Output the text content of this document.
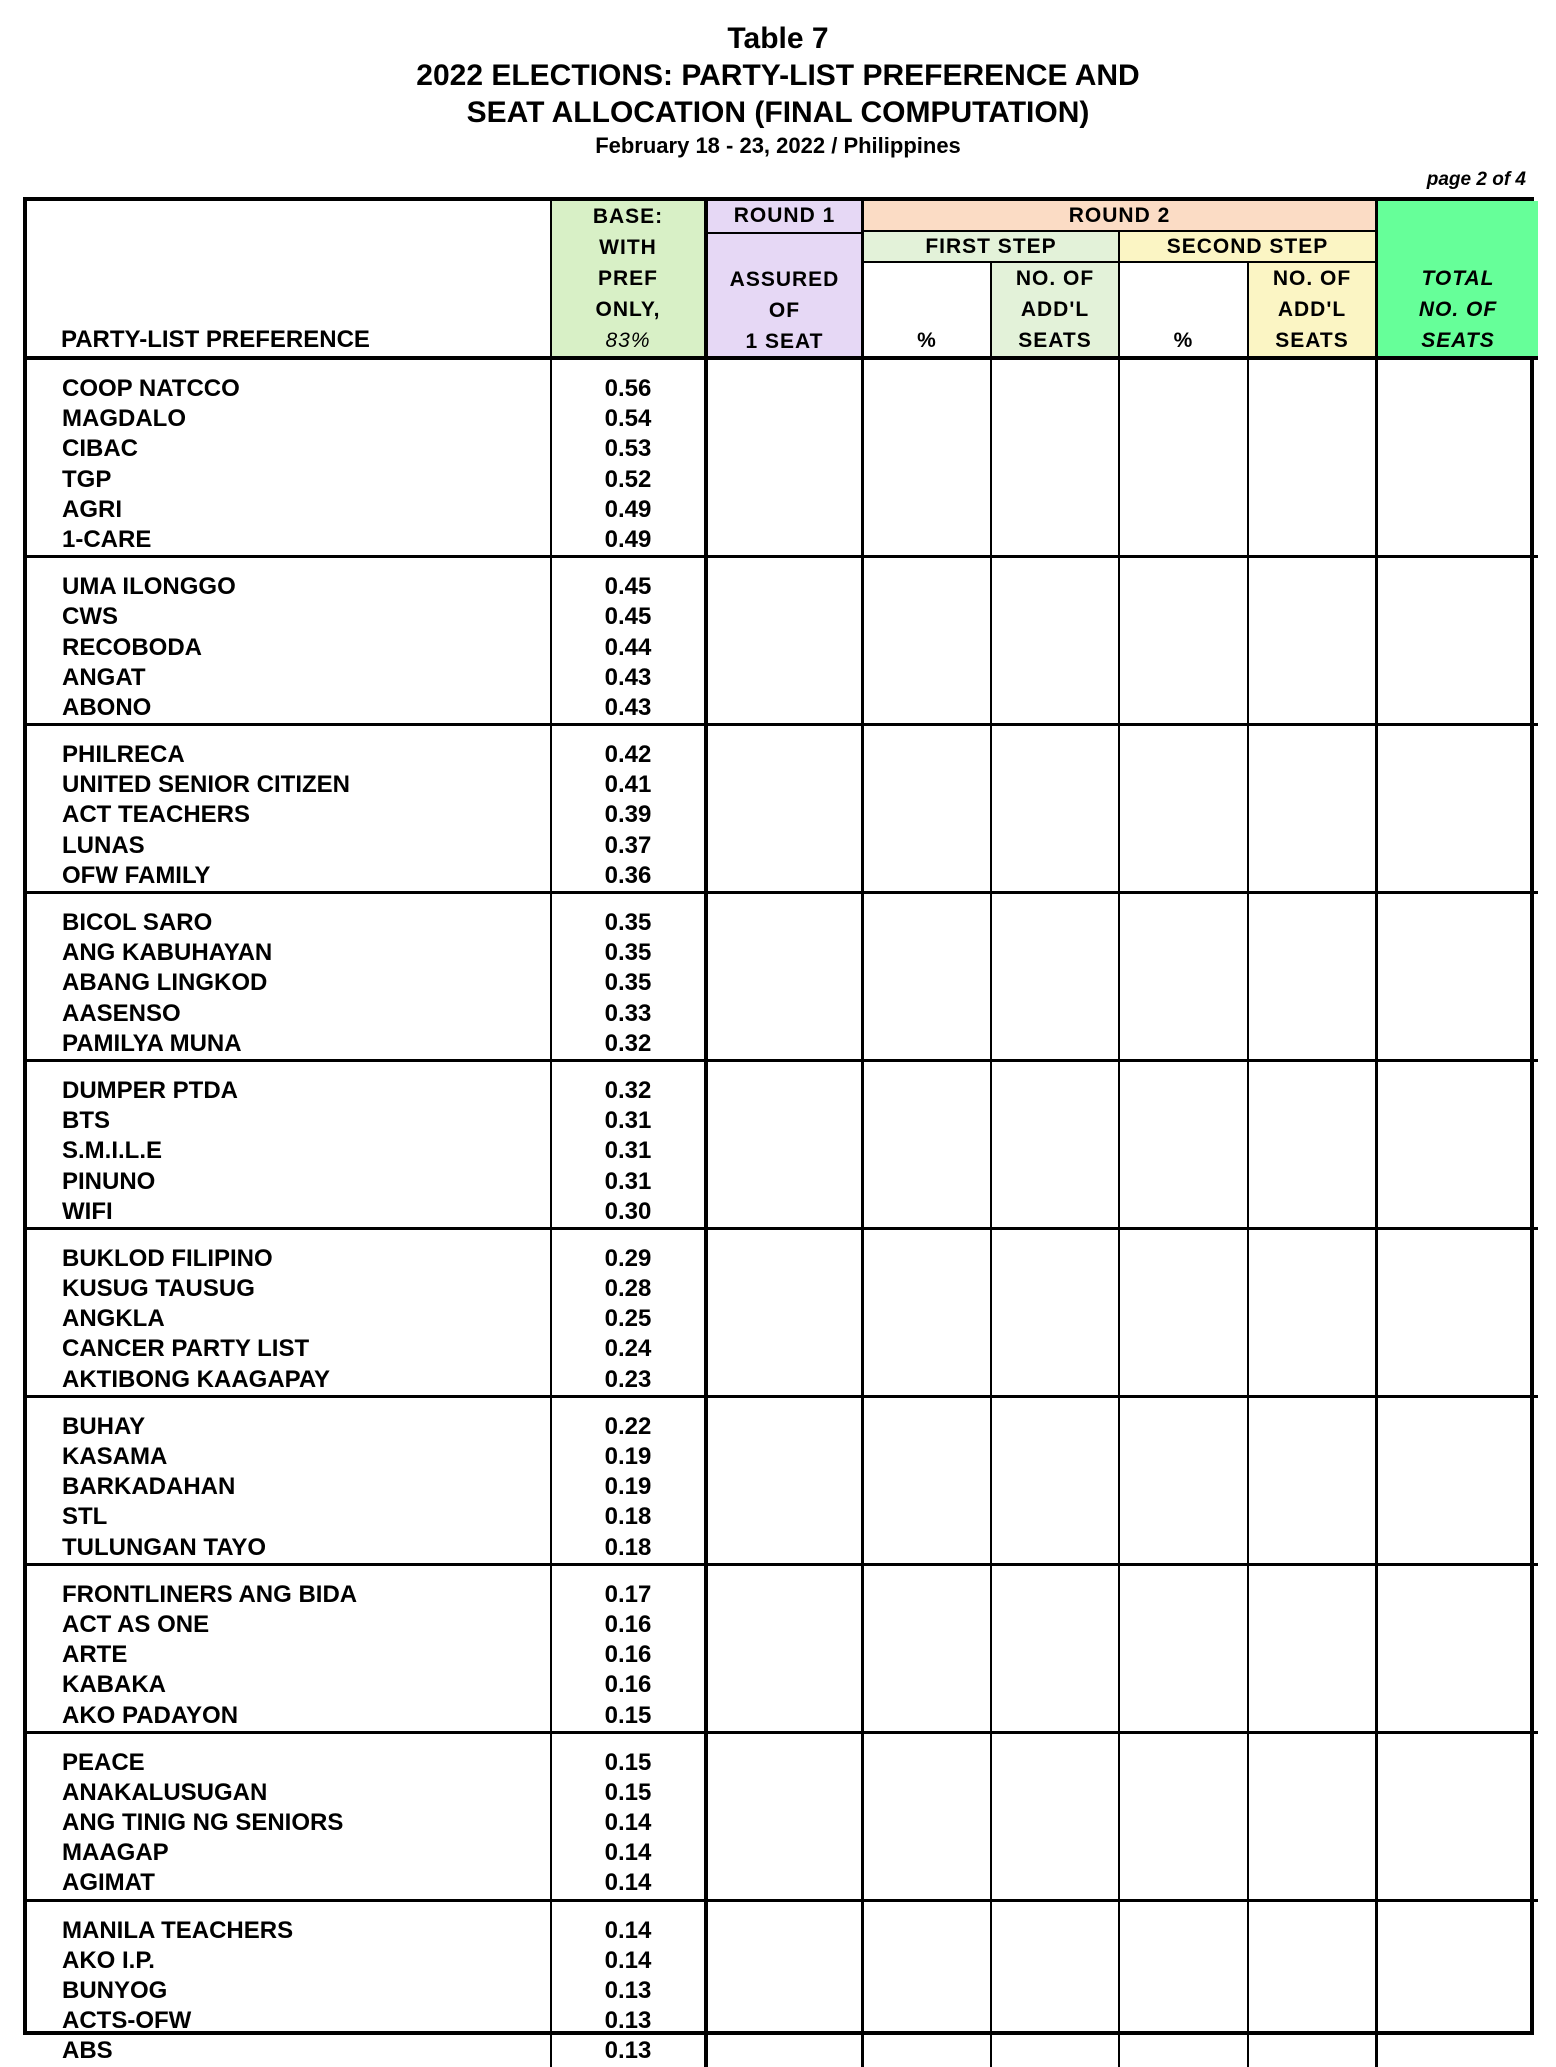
Table 7
2022 ELECTIONS: PARTY-LIST PREFERENCE AND
SEAT ALLOCATION (FINAL COMPUTATION)
February 18 - 23, 2022 / Philippines
page 2 of 4
PARTY-LIST PREFERENCE
BASE:
WITH
PREF
ONLY,
83%
ROUND 1
ASSURED
OF
1 SEAT
ROUND 2
FIRST STEP	SECOND STEP
%
NO. OF
ADD'L
SEATS	%
NO. OF
ADD'L
SEATS
TOTAL
NO. OF
SEATS
COOP NATCCO
MAGDALO
CIBAC
TGP
AGRI
1-CARE
0.56
0.54
0.53
0.52
0.49
0.49
UMA ILONGGO
CWS
RECOBODA
ANGAT
ABONO
0.45
0.45
0.44
0.43
0.43
PHILRECA
UNITED SENIOR CITIZEN
ACT TEACHERS
LUNAS
OFW FAMILY
0.42
0.41
0.39
0.37
0.36
BICOL SARO
ANG KABUHAYAN
ABANG LINGKOD
AASENSO
PAMILYA MUNA
0.35
0.35
0.35
0.33
0.32
DUMPER PTDA
BTS
S.M.I.L.E
PINUNO
WIFI
0.32
0.31
0.31
0.31
0.30
BUKLOD FILIPINO
KUSUG TAUSUG
ANGKLA
CANCER PARTY LIST
AKTIBONG KAAGAPAY
0.29
0.28
0.25
0.24
0.23
BUHAY
KASAMA
BARKADAHAN
STL
TULUNGAN TAYO
0.22
0.19
0.19
0.18
0.18
FRONTLINERS ANG BIDA
ACT AS ONE
ARTE
KABAKA
AKO PADAYON
0.17
0.16
0.16
0.16
0.15
PEACE
ANAKALUSUGAN
ANG TINIG NG SENIORS
MAAGAP
AGIMAT
0.15
0.15
0.14
0.14
0.14
MANILA TEACHERS
AKO I.P.
BUNYOG
ACTS-OFW
ABS
0.14
0.14
0.13
0.13
0.13
